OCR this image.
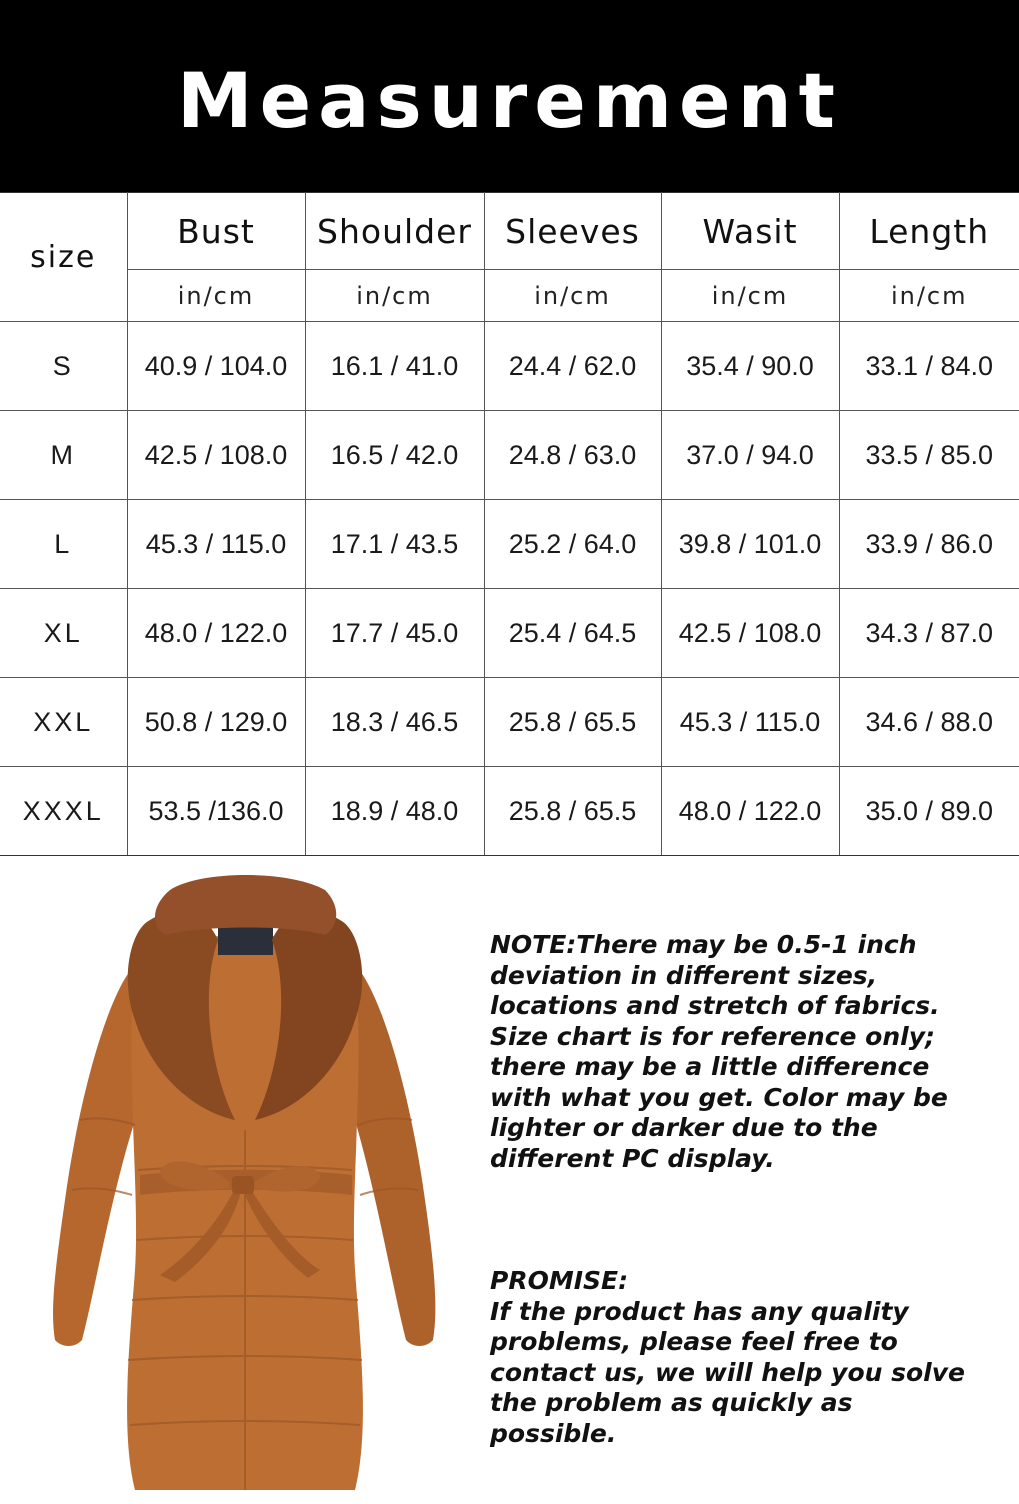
Measurement
size	Bust	Shoulder	Sleeves	Wasit	Length
	in/cm	in/cm	in/cm	in/cm	in/cm
S	40.9 / 104.0	16.1 / 41.0	24.4 / 62.0	35.4 / 90.0	33.1 / 84.0
M	42.5 / 108.0	16.5 / 42.0	24.8 / 63.0	37.0 / 94.0	33.5 / 85.0
L	45.3 / 115.0	17.1 / 43.5	25.2 / 64.0	39.8 / 101.0	33.9 / 86.0
XL	48.0 / 122.0	17.7 / 45.0	25.4 / 64.5	42.5 / 108.0	34.3 / 87.0
XXL	50.8 / 129.0	18.3 / 46.5	25.8 / 65.5	45.3 / 115.0	34.6 / 88.0
XXXL	53.5 /136.0	18.9 / 48.0	25.8 / 65.5	48.0 / 122.0	35.0 / 89.0

NOTE:There may be 0.5-1 inch
deviation in different sizes,
locations and stretch of fabrics.
Size chart is for reference only;
there may be a little difference
with what you get. Color may be
lighter or darker due to the
different PC display.

PROMISE:

If the product has any quality
problems, please feel free to
contact us, we will help you solve
the problem as quickly as
possible.
